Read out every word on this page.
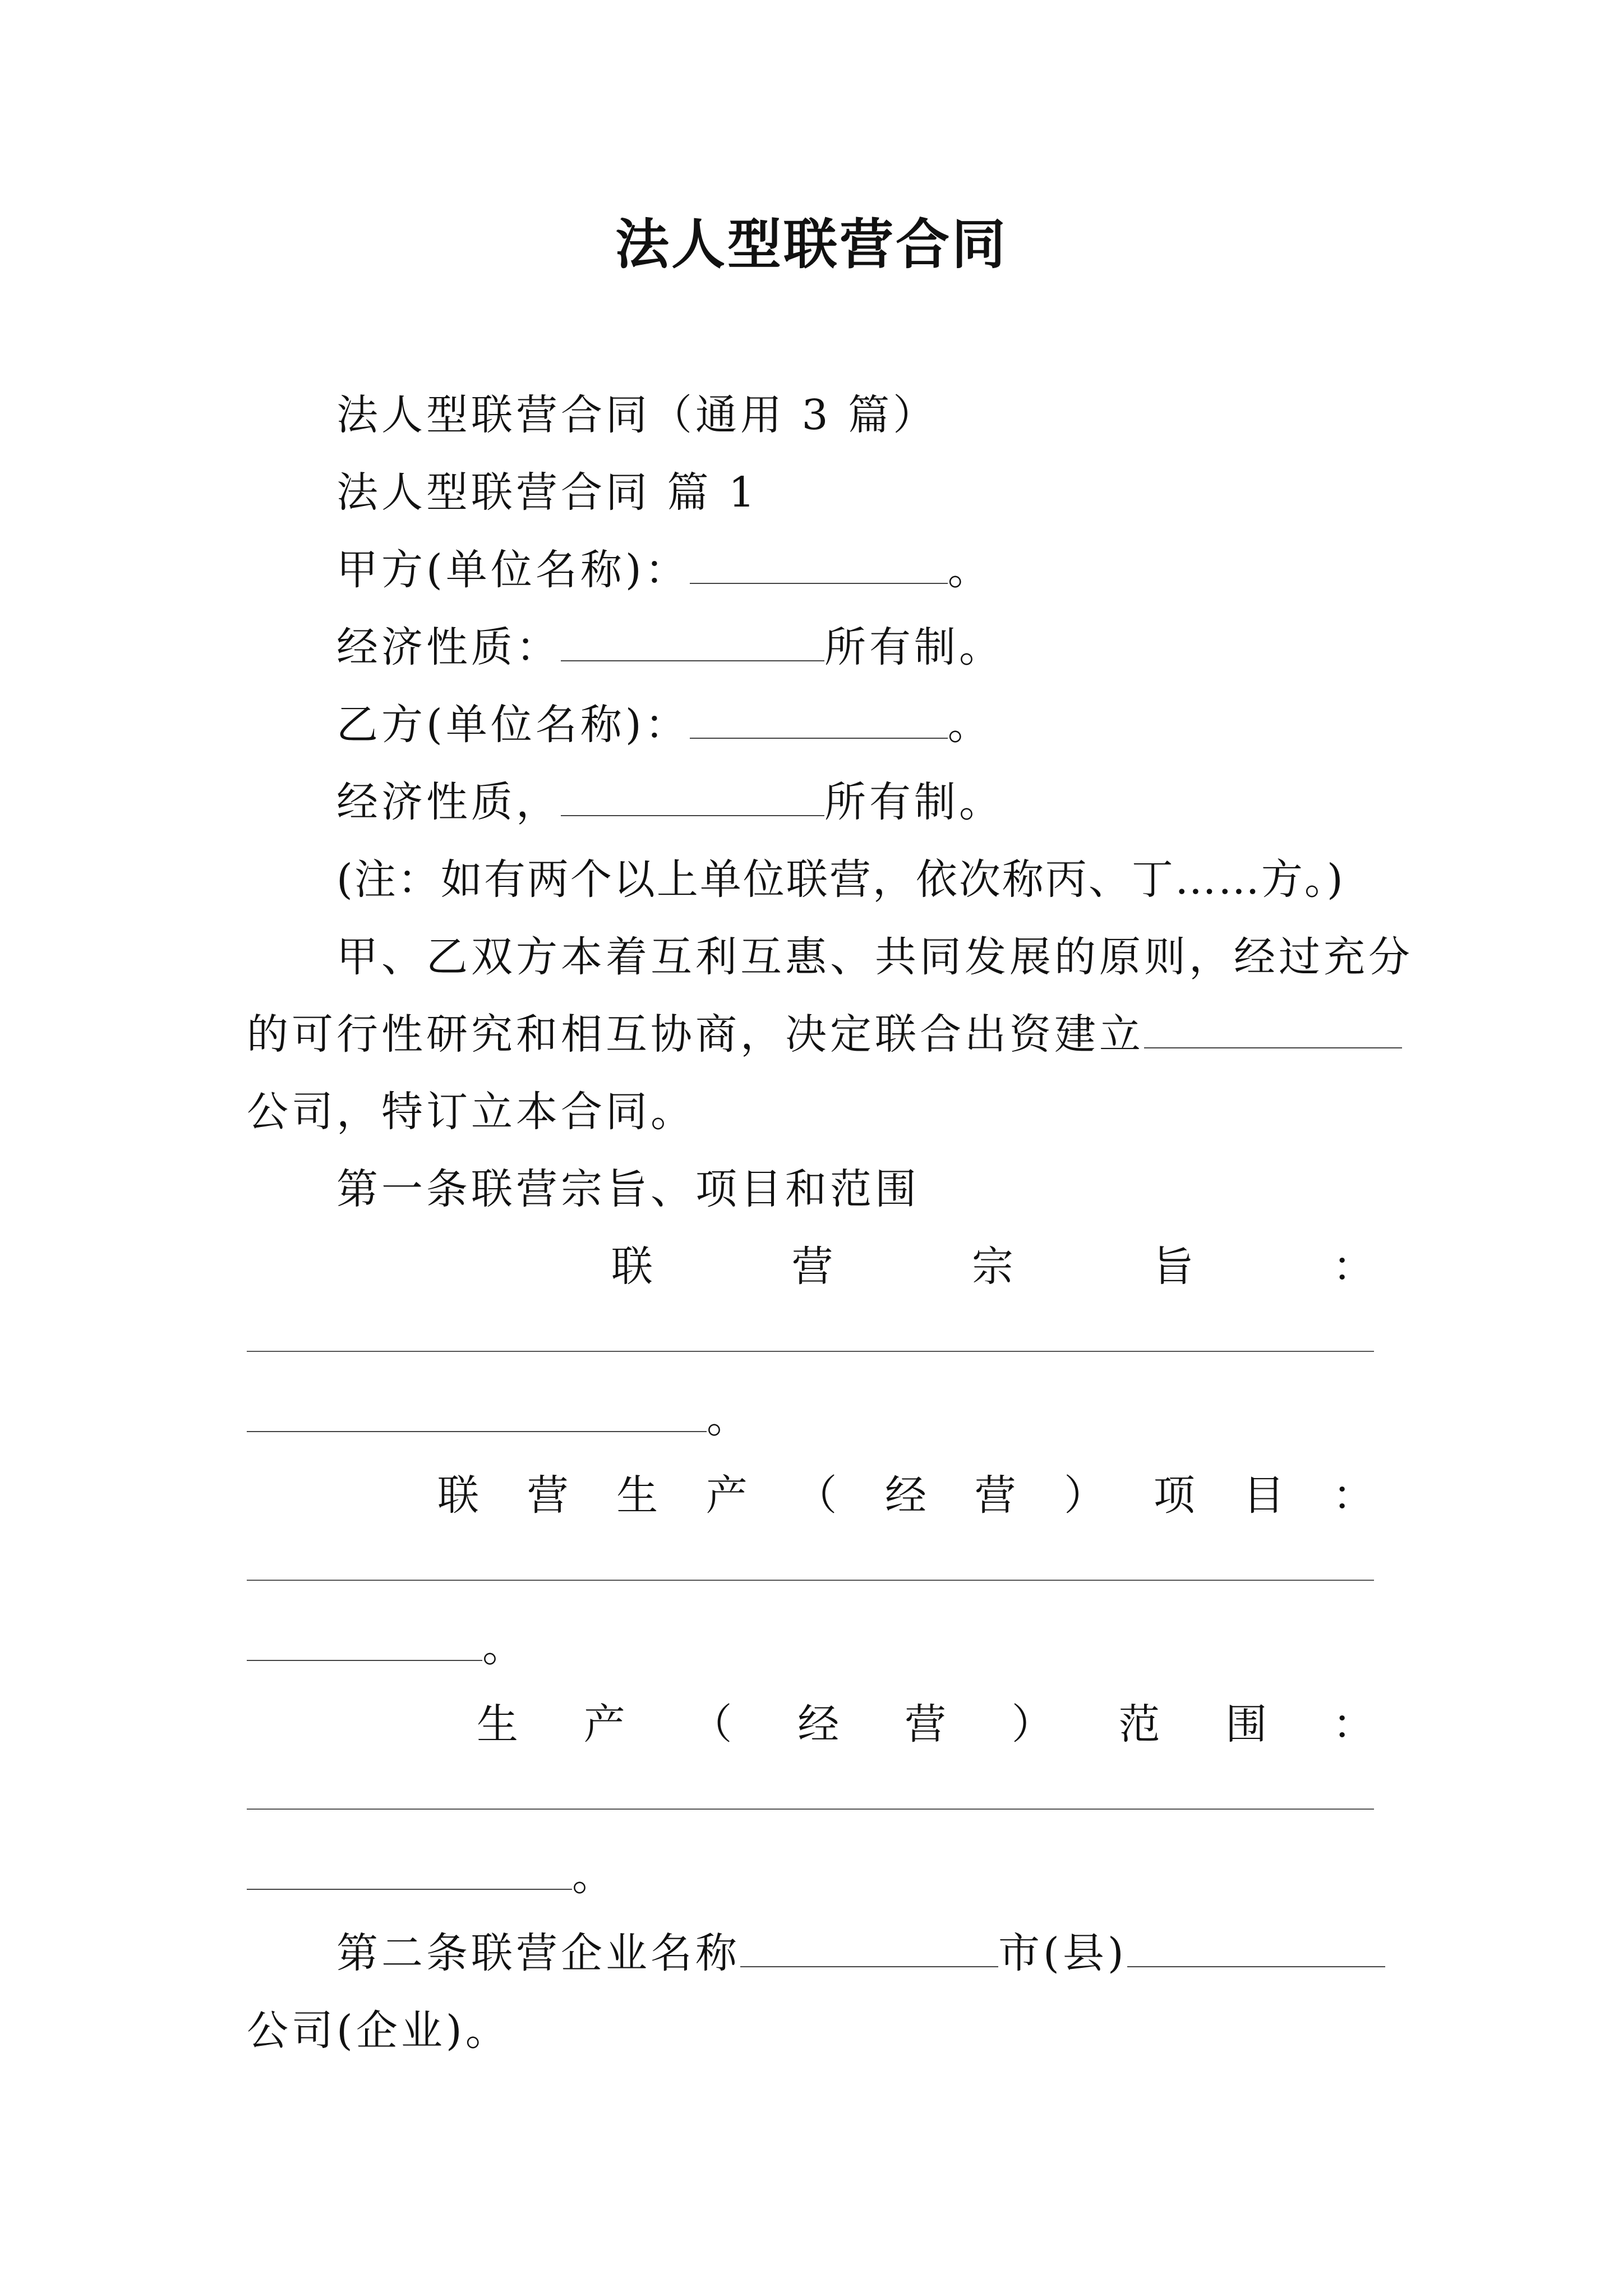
法人型联营合同
法人型联营合同（通用 3 篇）
法人型联营合同 篇 1
甲方(单位名称)：	。
经济性质：	所有制。
乙方(单位名称)：	。
经济性质，	所有制。
(注：如有两个以上单位联营，依次称丙、丁……方。)
甲、乙双方本着互利互惠、共同发展的原则，经过充分
的可行性研究和相互协商，决定联合出资建立
公司，特订立本合同。
第一条联营宗旨、项目和范围
联	营	宗	旨	：
。
联 营 生 产 （ 经 营 ） 项 目 ：
。
生 产 （ 经 营 ） 范 围 ：
。
第二条联营企业名称	市(县)
公司(企业)。
